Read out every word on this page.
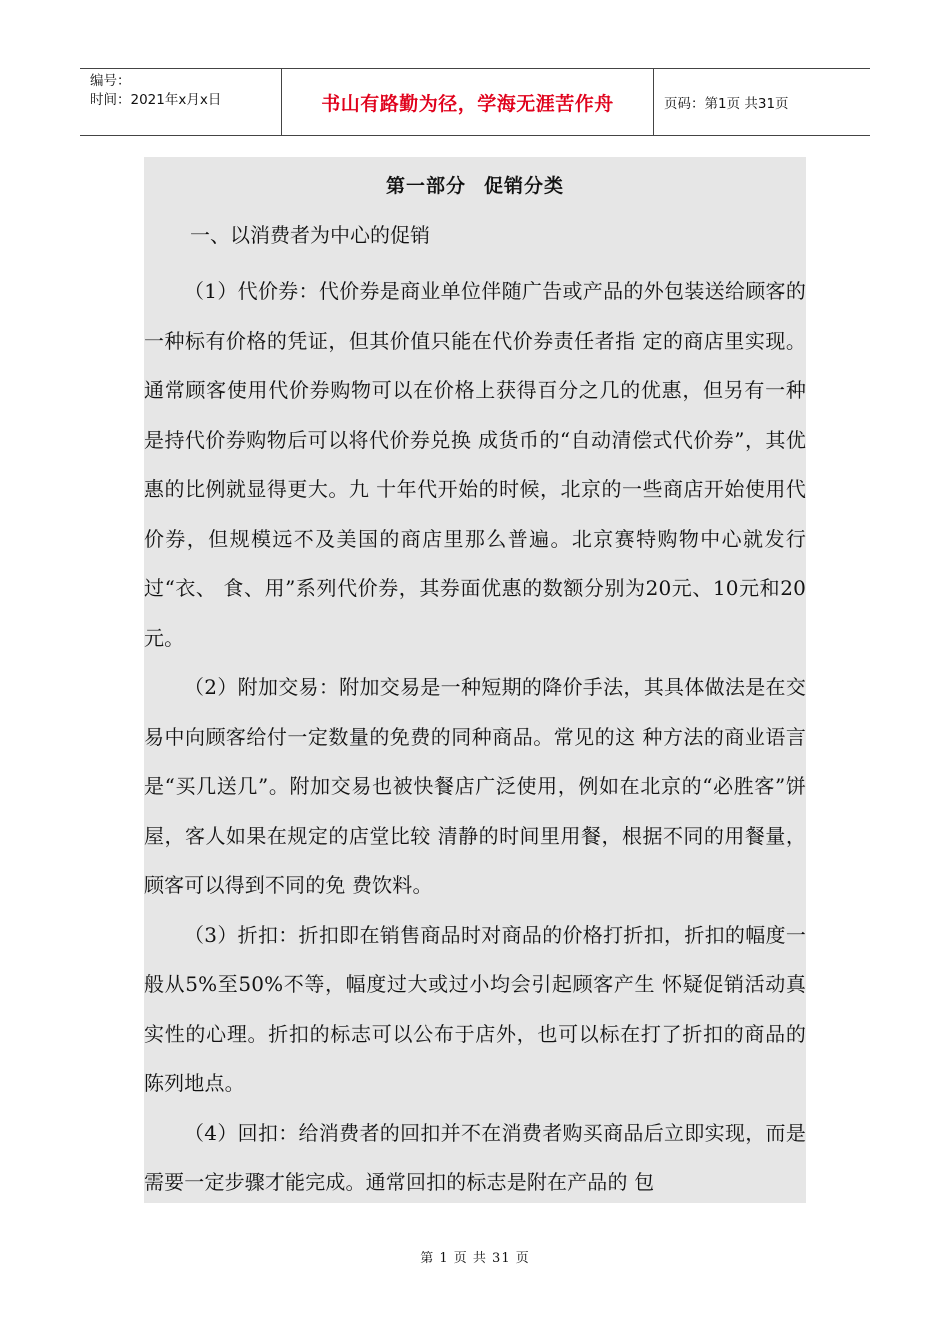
编号：
时间：2021年x月x日	书山有路勤为径，学海无涯苦作舟	页码：第1页 共31页
第一部分 促销分类
一、以消费者为中心的促销

（1）代价券：代价券是商业单位伴随广告或产品的外包装送给顾客的一种标有价格的凭证，但其价值只能在代价券责任者指 定的商店里实现。通常顾客使用代价券购物可以在价格上获得百分之几的优惠，但另有一种是持代价券购物后可以将代价券兑换 成货币的“自动清偿式代价券”，其优惠的比例就显得更大。九 十年代开始的时候，北京的一些商店开始使用代价券，但规模远不及美国的商店里那么普遍。北京赛特购物中心就发行过“衣、 食、用”系列代价券，其券面优惠的数额分别为20元、10元和20 元。

（2）附加交易：附加交易是一种短期的降价手法，其具体做法是在交易中向顾客给付一定数量的免费的同种商品。常见的这 种方法的商业语言是“买几送几”。附加交易也被快餐店广泛使用，例如在北京的“必胜客”饼屋，客人如果在规定的店堂比较 清静的时间里用餐，根据不同的用餐量，顾客可以得到不同的免 费饮料。

（3）折扣：折扣即在销售商品时对商品的价格打折扣，折扣的幅度一般从5%至50%不等，幅度过大或过小均会引起顾客产生 怀疑促销活动真实性的心理。折扣的标志可以公布于店外，也可以标在打了折扣的商品的陈列地点。

（4）回扣：给消费者的回扣并不在消费者购买商品后立即实现，而是需要一定步骤才能完成。通常回扣的标志是附在产品的 包

第 1 页 共 31 页
